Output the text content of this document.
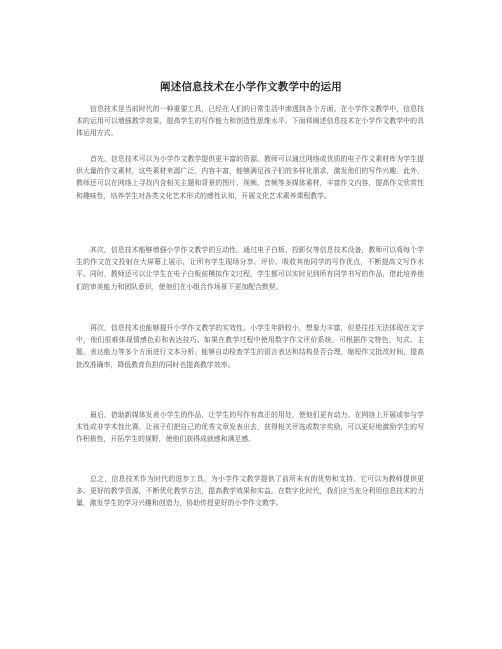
阐述信息技术在小学作文教学中的运用

信息技术是当前时代的一种重要工具，已经在人们的日常生活中渗透到各个方面。在小学作文教学中，信息技术的运用可以增强教学效果，提高学生的写作能力和创造性思维水平。下面将阐述信息技术在小学作文教学中的具体运用方式。

首先，信息技术可以为小学作文教学提供更丰富的资源。教师可以通过网络或优质的电子作文素材库为学生提供大量的作文素材，这些素材来源广泛、内容丰富，能够满足孩子们的多样化需求，激发他们的写作兴趣。此外，教师还可以在网络上寻找内含相关主题和背景的图片、视频、音频等多媒体素材，丰富作文内容，提高作文欣赏性和趣味性，培养学生对各类文化艺术形式的感性认知，开展文化艺术素养课程教学。

其次，信息技术能够增强小学作文教学的互动性。通过电子白板、投影仪等信息技术设备，教师可以将每个学生的作文范文投射在大屏幕上展示，让所有学生现场分享、评价、吸收其他同学的写作优点，不断提高文写作水平。同时，教师还可以让学生在电子白板前模拟作文过程，学生都可以实时见到所有同学书写的作品，借此培养他们的审美能力和团队意识，使他们在小组合作场景下更加配合默契。

再次，信息技术也能够提升小学作文教学的实效性。小学生年龄较小，想象力丰富，但是往往无法体现在文字中，他们很难体现情感色彩和表达技巧。如果在教学过程中使用数字作文评价系统，可根据作文特色、句式、主题、表达能力等多个方面进行文本分析。能够自动检查学生的语言表达和结构是否合理，缩短作文批改时间，提高批改准确率，降低教育负担的同时也提高教学效率。

最后，借助新媒体发表小学生的作品，让学生的写作有真正的用处，使他们更有动力。在网络上开展或参与学术性或非学术性比赛，让孩子们把自己的优秀文章发表出去，获得相关评选或数字奖励，可以更好地激励学生的写作积极性，开拓学生的视野，使他们获得成就感和满足感。

总之，信息技术作为时代的进步工具，为小学作文教学提供了前所未有的优势和支持。它可以为教师提供更多、更好的教学资源，不断优化教学方法，提高教学效果和实益。在数字化时代，我们应当充分利用信息技术的力量，激发学生的学习兴趣和创造力，协助传授更好的小学作文教学。
